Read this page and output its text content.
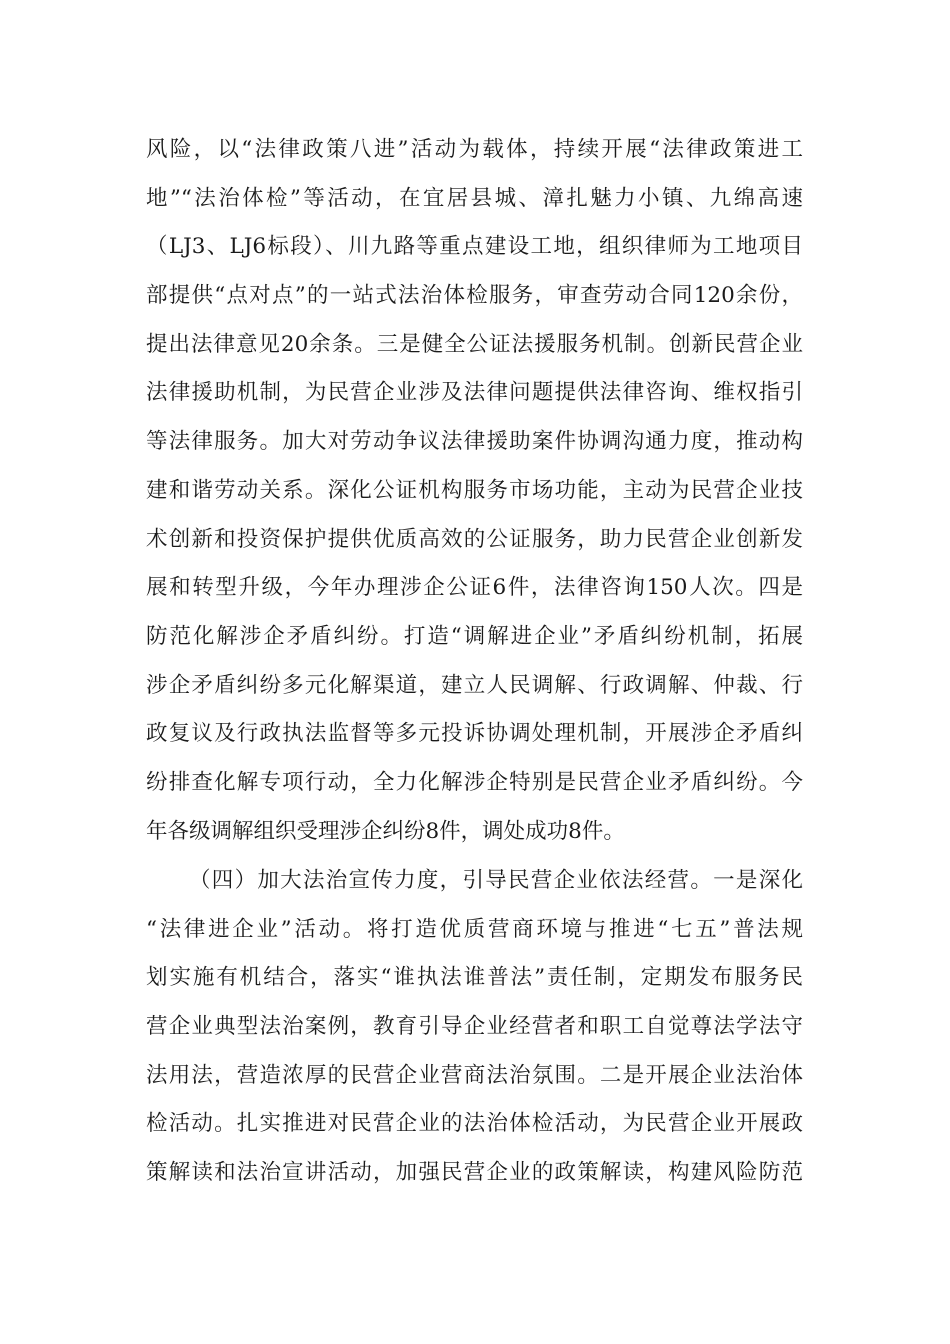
风险，以“法律政策八进”活动为载体，持续开展“法律政策进工
地”“法治体检”等活动，在宜居县城、漳扎魅力小镇、九绵高速
（LJ3、LJ6标段）、川九路等重点建设工地，组织律师为工地项目
部提供“点对点”的一站式法治体检服务，审查劳动合同120余份，
提出法律意见20余条。三是健全公证法援服务机制。创新民营企业
法律援助机制，为民营企业涉及法律问题提供法律咨询、维权指引
等法律服务。加大对劳动争议法律援助案件协调沟通力度，推动构
建和谐劳动关系。深化公证机构服务市场功能，主动为民营企业技
术创新和投资保护提供优质高效的公证服务，助力民营企业创新发
展和转型升级，今年办理涉企公证6件，法律咨询150人次。四是
防范化解涉企矛盾纠纷。打造“调解进企业”矛盾纠纷机制，拓展
涉企矛盾纠纷多元化解渠道，建立人民调解、行政调解、仲裁、行
政复议及行政执法监督等多元投诉协调处理机制，开展涉企矛盾纠
纷排查化解专项行动，全力化解涉企特别是民营企业矛盾纠纷。今
年各级调解组织受理涉企纠纷8件，调处成功8件。
（四）加大法治宣传力度，引导民营企业依法经营。一是深化
“法律进企业”活动。将打造优质营商环境与推进“七五”普法规
划实施有机结合，落实“谁执法谁普法”责任制，定期发布服务民
营企业典型法治案例，教育引导企业经营者和职工自觉尊法学法守
法用法，营造浓厚的民营企业营商法治氛围。二是开展企业法治体
检活动。扎实推进对民营企业的法治体检活动，为民营企业开展政
策解读和法治宣讲活动，加强民营企业的政策解读，构建风险防范
